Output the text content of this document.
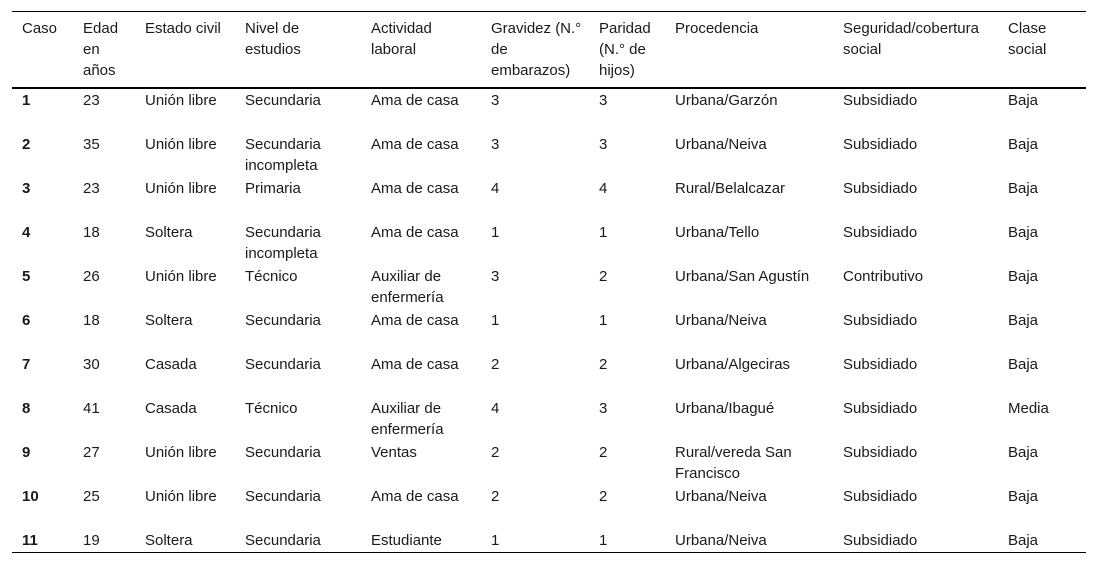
Caso	Edad en años	Estado civil	Nivel de estudios	Actividad laboral	Gravidez (N.° de embarazos)	Paridad (N.° de hijos)	Procedencia	Seguridad/cobertura social	Clase social
1	23	Unión libre	Secundaria	Ama de casa	3	3	Urbana/Garzón	Subsidiado	Baja
2	35	Unión libre	Secundaria incompleta	Ama de casa	3	3	Urbana/Neiva	Subsidiado	Baja
3	23	Unión libre	Primaria	Ama de casa	4	4	Rural/Belalcazar	Subsidiado	Baja
4	18	Soltera	Secundaria incompleta	Ama de casa	1	1	Urbana/Tello	Subsidiado	Baja
5	26	Unión libre	Técnico	Auxiliar de enfermería	3	2	Urbana/San Agustín	Contributivo	Baja
6	18	Soltera	Secundaria	Ama de casa	1	1	Urbana/Neiva	Subsidiado	Baja
7	30	Casada	Secundaria	Ama de casa	2	2	Urbana/Algeciras	Subsidiado	Baja
8	41	Casada	Técnico	Auxiliar de enfermería	4	3	Urbana/Ibagué	Subsidiado	Media
9	27	Unión libre	Secundaria	Ventas	2	2	Rural/vereda San Francisco	Subsidiado	Baja
10	25	Unión libre	Secundaria	Ama de casa	2	2	Urbana/Neiva	Subsidiado	Baja
11	19	Soltera	Secundaria	Estudiante	1	1	Urbana/Neiva	Subsidiado	Baja
